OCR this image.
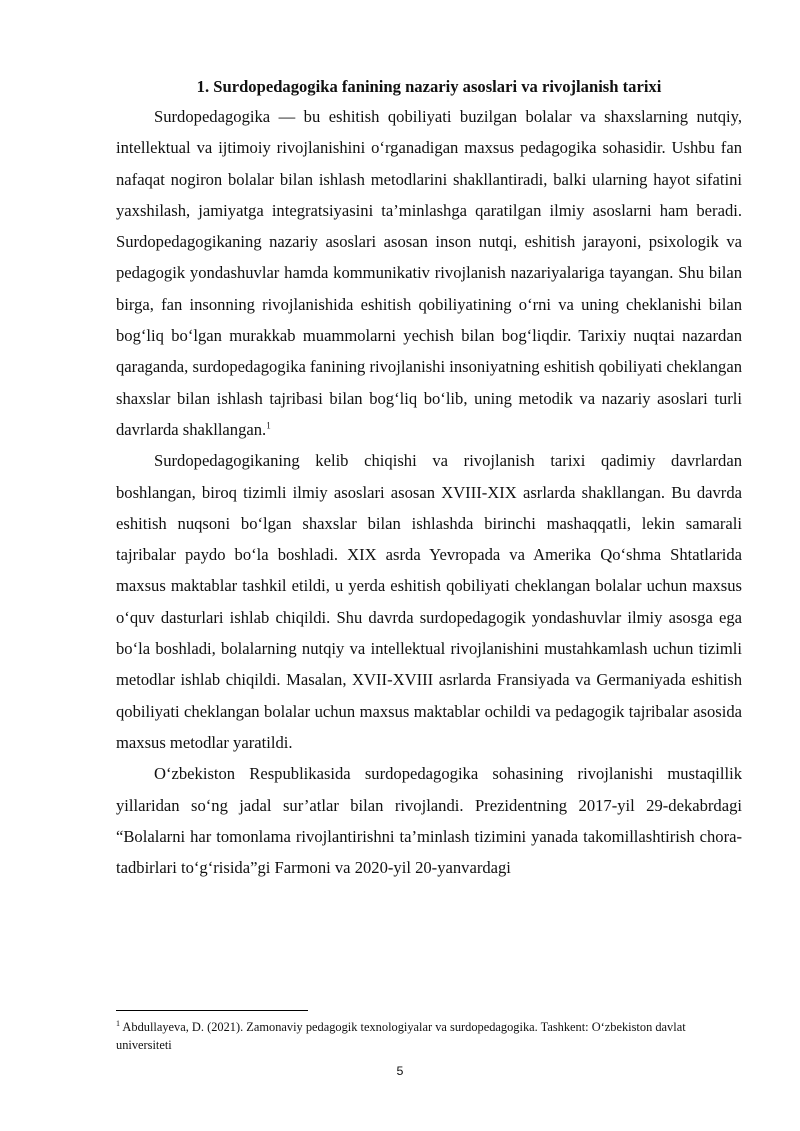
1. Surdopedagogika fanining nazariy asoslari va rivojlanish tarixi

Surdopedagogika — bu eshitish qobiliyati buzilgan bolalar va shaxslarning nutqiy, intellektual va ijtimoiy rivojlanishini o‘rganadigan maxsus pedagogika sohasidir. Ushbu fan nafaqat nogiron bolalar bilan ishlash metodlarini shakllantiradi, balki ularning hayot sifatini yaxshilash, jamiyatga integratsiyasini ta’minlashga qaratilgan ilmiy asoslarni ham beradi. Surdopedagogikaning nazariy asoslari asosan inson nutqi, eshitish jarayoni, psixologik va pedagogik yondashuvlar hamda kommunikativ rivojlanish nazariyalariga tayangan. Shu bilan birga, fan insonning rivojlanishida eshitish qobiliyatining o‘rni va uning cheklanishi bilan bog‘liq bo‘lgan murakkab muammolarni yechish bilan bog‘liqdir. Tarixiy nuqtai nazardan qaraganda, surdopedagogika fanining rivojlanishi insoniyatning eshitish qobiliyati cheklangan shaxslar bilan ishlash tajribasi bilan bog‘liq bo‘lib, uning metodik va nazariy asoslari turli davrlarda shakllangan.$^1$

Surdopedagogikaning kelib chiqishi va rivojlanish tarixi qadimiy davrlardan boshlangan, biroq tizimli ilmiy asoslari asosan XVIII-XIX asrlarda shakllangan. Bu davrda eshitish nuqsoni bo‘lgan shaxslar bilan ishlashda birinchi mashaqqatli, lekin samarali tajribalar paydo bo‘la boshladi. XIX asrda Yevropada va Amerika Qo‘shma Shtatlarida maxsus maktablar tashkil etildi, u yerda eshitish qobiliyati cheklangan bolalar uchun maxsus o‘quv dasturlari ishlab chiqildi. Shu davrda surdopedagogik yondashuvlar ilmiy asosga ega bo‘la boshladi, bolalarning nutqiy va intellektual rivojlanishini mustahkamlash uchun tizimli metodlar ishlab chiqildi. Masalan, XVII-XVIII asrlarda Fransiyada va Germaniyada eshitish qobiliyati cheklangan bolalar uchun maxsus maktablar ochildi va pedagogik tajribalar asosida maxsus metodlar yaratildi.

O‘zbekiston Respublikasida surdopedagogika sohasining rivojlanishi mustaqillik yillaridan so‘ng jadal sur’atlar bilan rivojlandi. Prezidentning 2017-yil 29-dekabrdagi “Bolalarni har tomonlama rivojlantirishni ta’minlash tizimini yanada takomillashtirish chora-tadbirlari to‘g‘risida”gi Farmoni va 2020-yil 20-yanvardagi

$^1$ Abdullayeva, D. (2021). Zamonaviy pedagogik texnologiyalar va surdopedagogika. Tashkent: O‘zbekiston davlat universiteti

5
